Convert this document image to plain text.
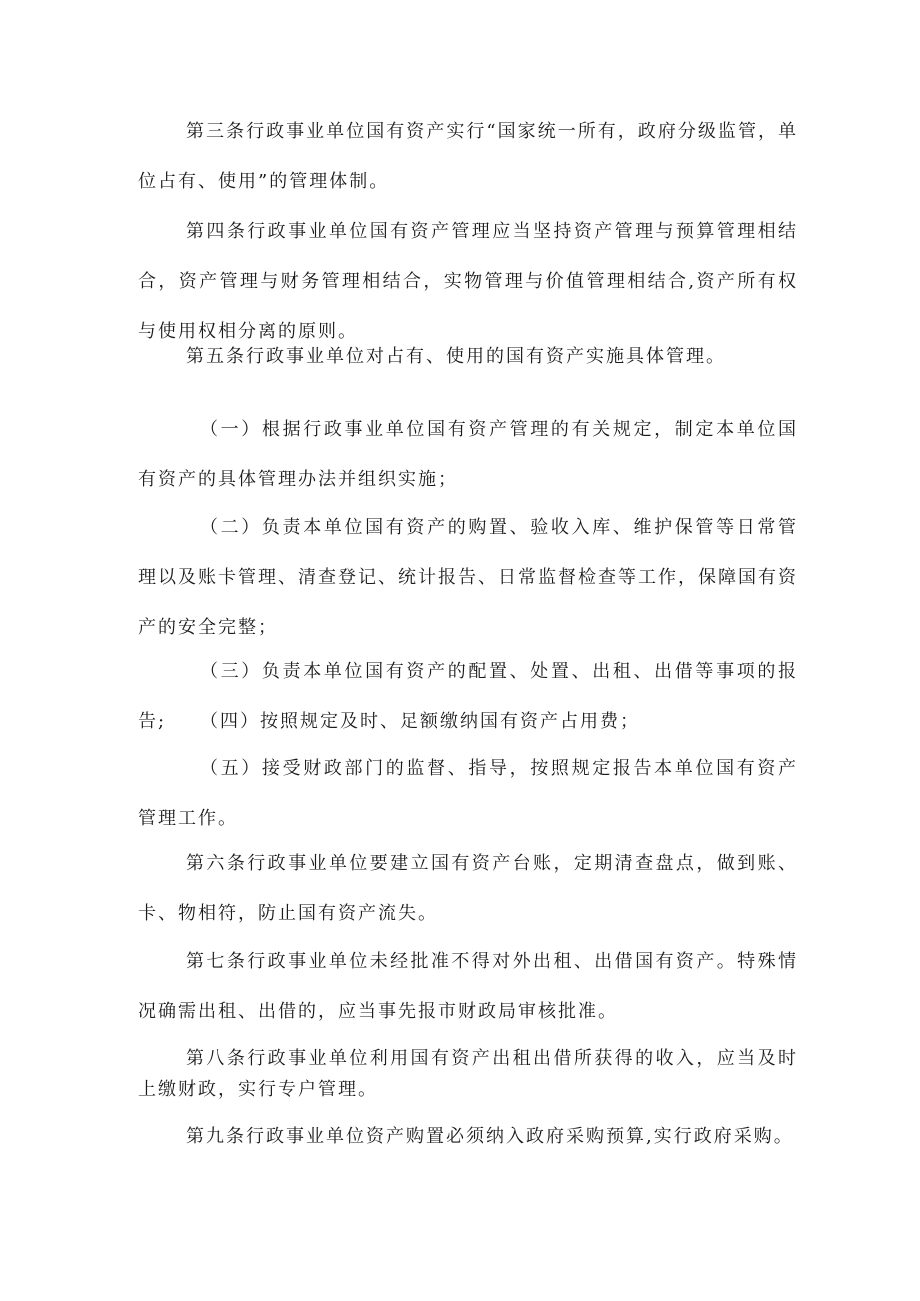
第三条行政事业单位国有资产实行“国家统一所有，政府分级监管，单位占有、使用”的管理体制。

第四条行政事业单位国有资产管理应当坚持资产管理与预算管理相结合，资产管理与财务管理相结合，实物管理与价值管理相结合,资产所有权与使用权相分离的原则。

第五条行政事业单位对占有、使用的国有资产实施具体管理。

（一）根据行政事业单位国有资产管理的有关规定，制定本单位国有资产的具体管理办法并组织实施；

（二）负责本单位国有资产的购置、验收入库、维护保管等日常管理以及账卡管理、清查登记、统计报告、日常监督检查等工作，保障国有资产的安全完整；

（三）负责本单位国有资产的配置、处置、出租、出借等事项的报告;	（四）按照规定及时、足额缴纳国有资产占用费；

（五）接受财政部门的监督、指导，按照规定报告本单位国有资产管理工作。

第六条行政事业单位要建立国有资产台账，定期清查盘点，做到账、卡、物相符，防止国有资产流失。

第七条行政事业单位未经批准不得对外出租、出借国有资产。特殊情况确需出租、出借的，应当事先报市财政局审核批准。

第八条行政事业单位利用国有资产出租出借所获得的收入，应当及时上缴财政，实行专户管理。

第九条行政事业单位资产购置必须纳入政府采购预算,实行政府采购。
